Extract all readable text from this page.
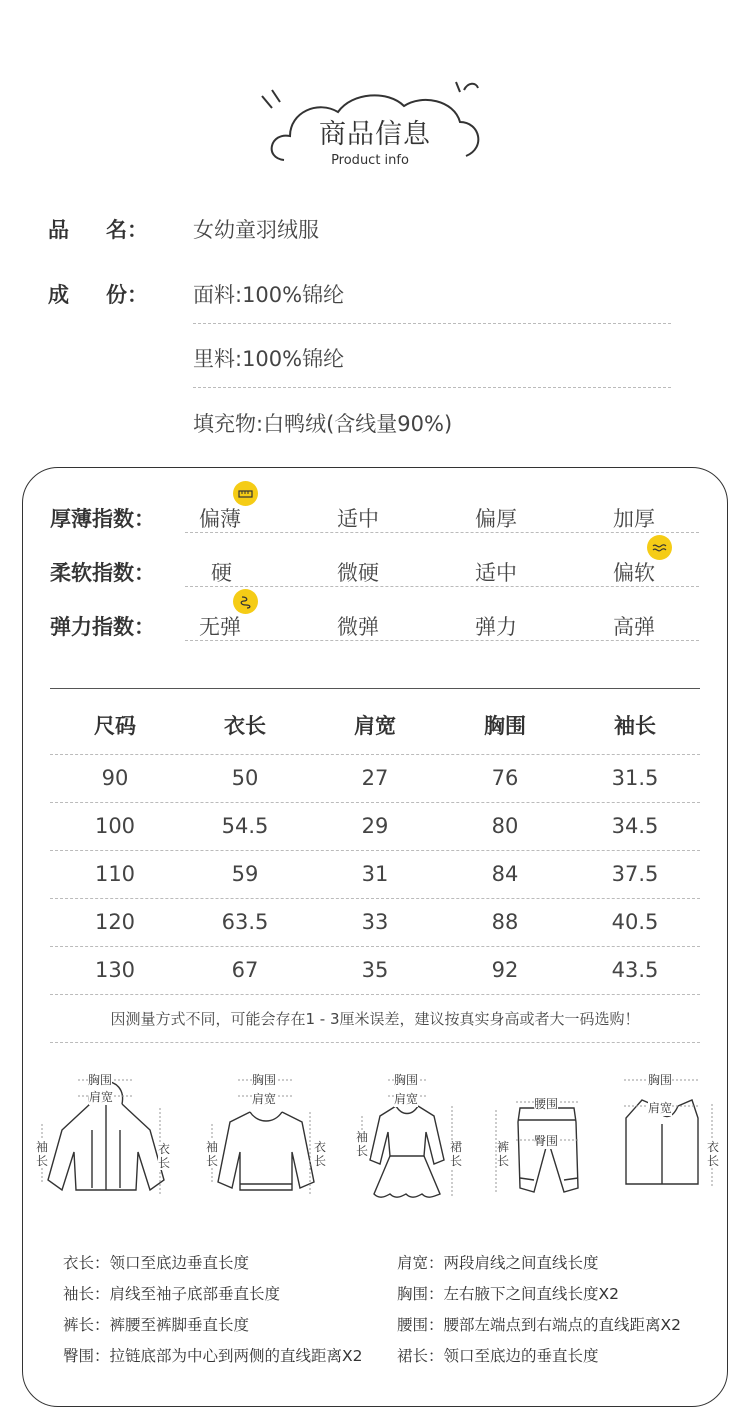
商品信息
Product info
品 名： 女幼童羽绒服
成 份： 面料:100%锦纶
里料:100%锦纶
填充物:白鸭绒(含线量90%)
厚薄指数： 偏薄	适中	偏厚	加厚
柔软指数：	硬	微硬	适中	偏软
弹力指数： 无弹	微弹	弹力	高弹
尺码	衣长	肩宽	胸围	袖长
90	50	27	76	31.5
100	54.5	29	80	34.5
110	59	31	84	37.5
120	63.5	33	88	40.5
130	67	35	92	43.5
因测量方式不同，可能会存在1 - 3厘米误差，建议按真实身高或者大一码选购！
胸围
肩宽
袖长
衣长
胸围
肩宽
袖长
衣长
胸围
肩宽
袖长	裙长
腰围
臀围
裤长
胸围
肩宽
衣长
衣长：领口至底边垂直长度
袖长：肩线至袖子底部垂直长度
裤长：裤腰至裤脚垂直长度
臀围：拉链底部为中心到两侧的直线距离X2
肩宽：两段肩线之间直线长度
胸围：左右腋下之间直线长度X2
腰围：腰部左端点到右端点的直线距离X2
裙长：领口至底边的垂直长度
